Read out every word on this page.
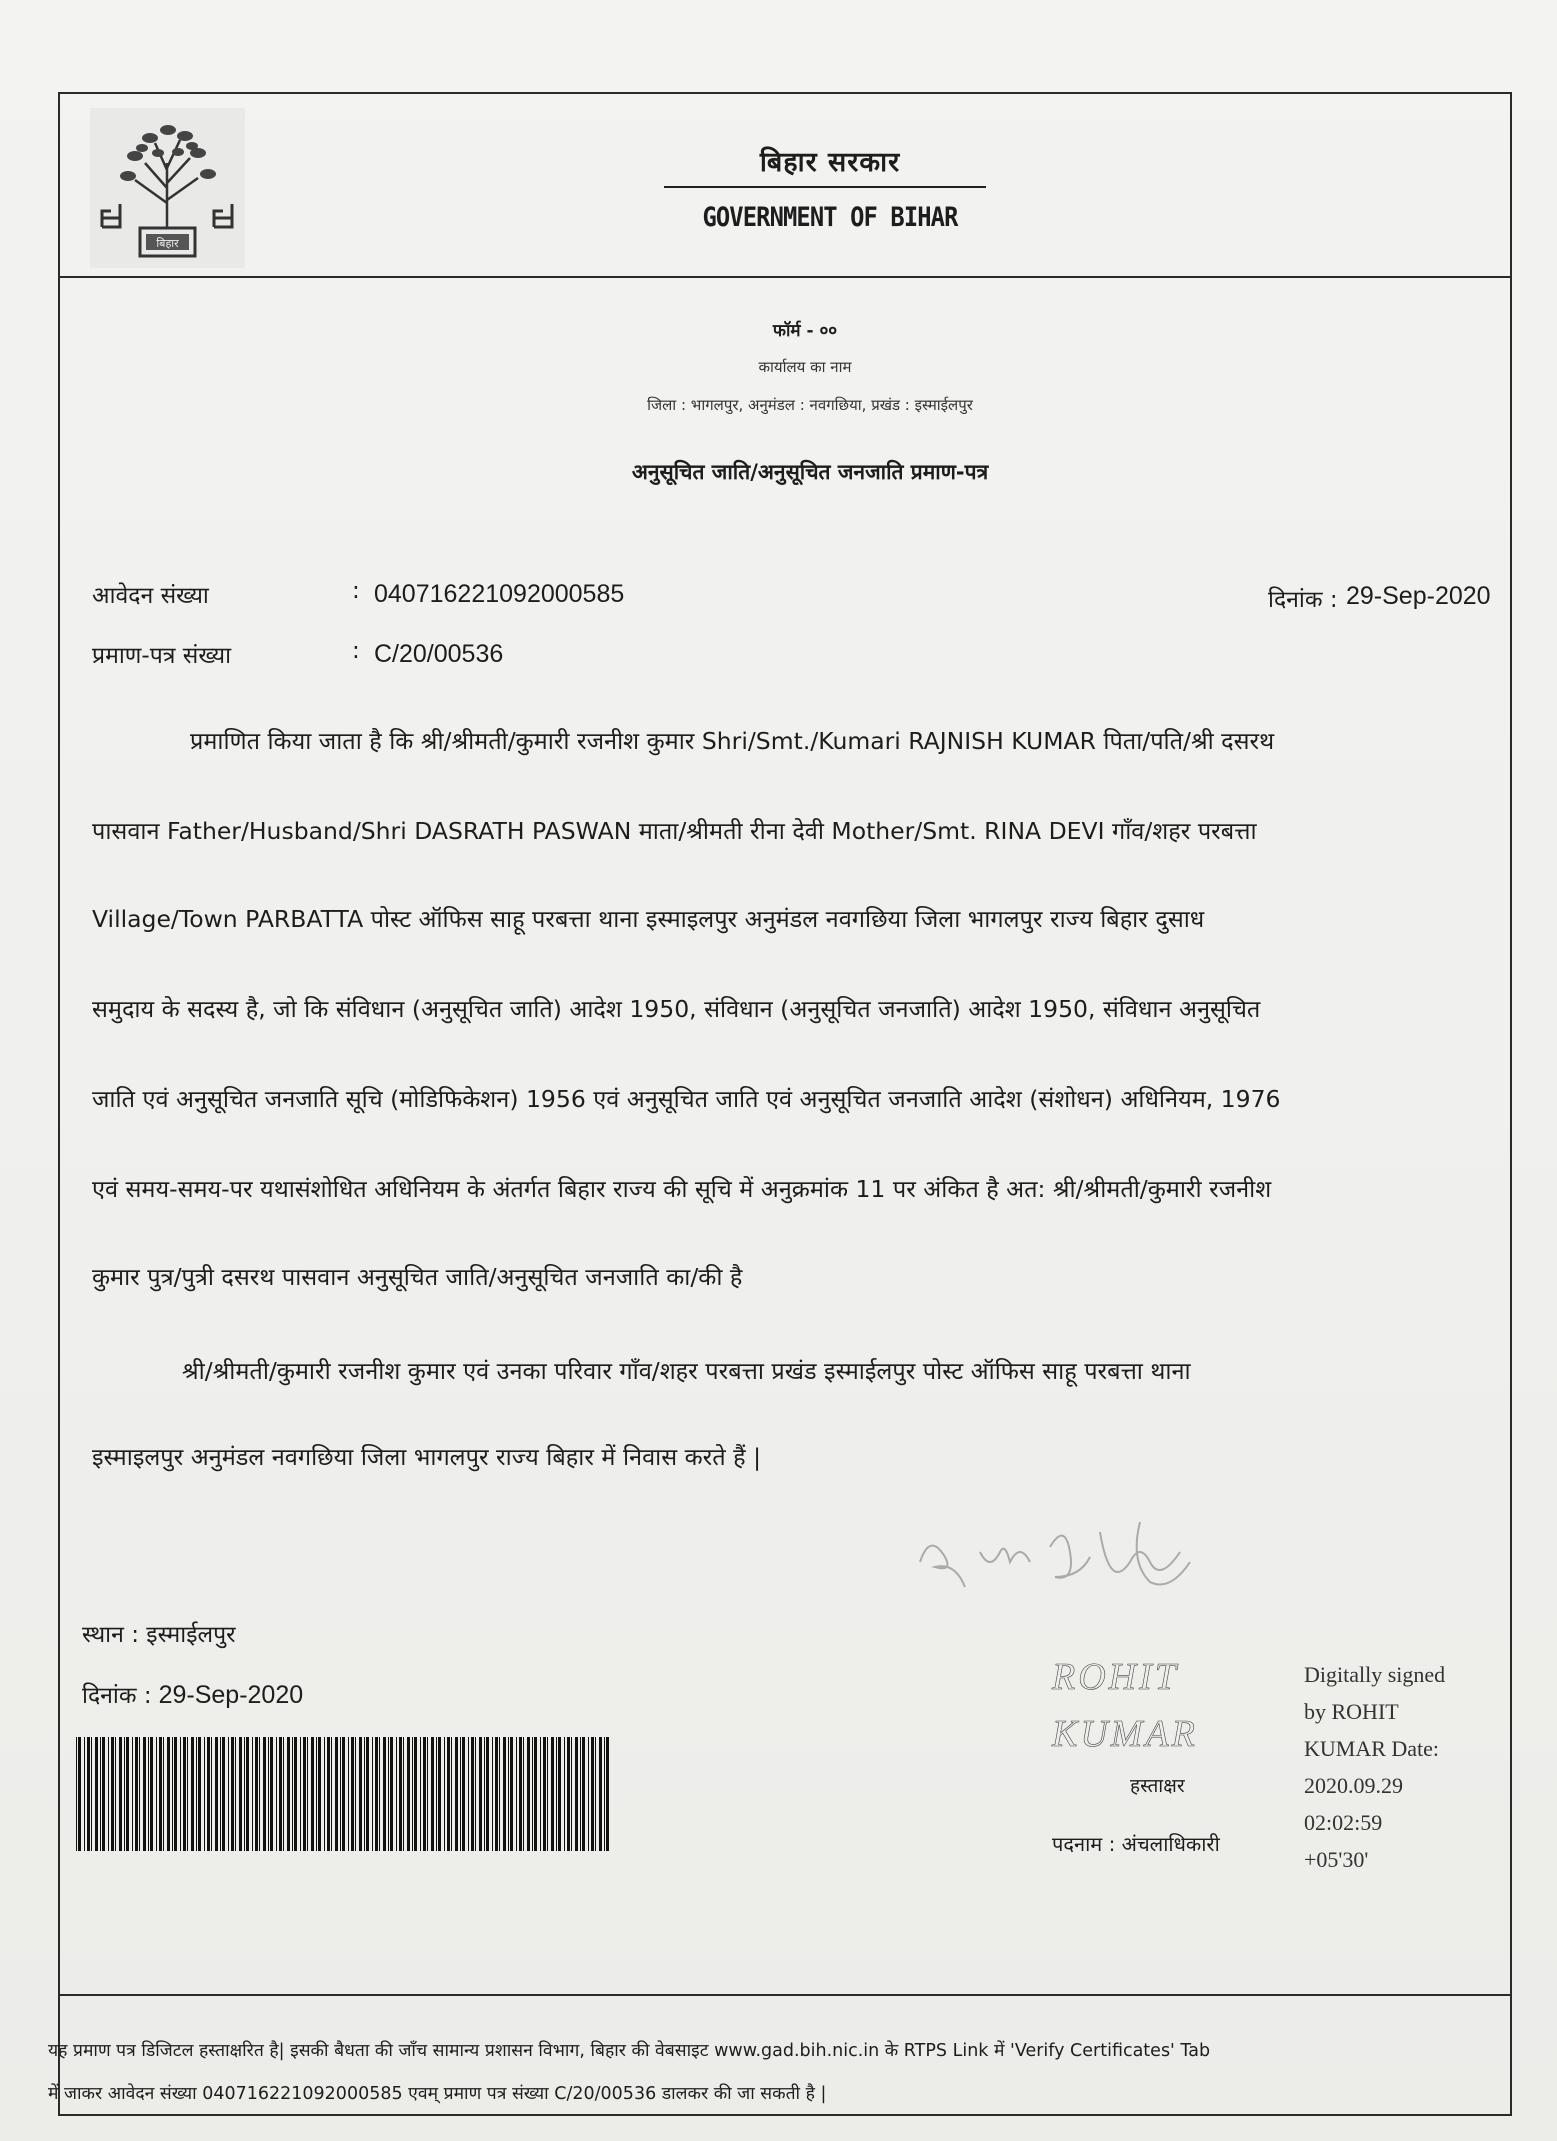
बिहार
बिहार सरकार
GOVERNMENT OF BIHAR
फॉर्म - ००
कार्यालय का नाम
जिला : भागलपुर, अनुमंडल : नवगछिया, प्रखंड : इस्माईलपुर
अनुसूचित जाति/अनुसूचित जनजाति प्रमाण-पत्र
आवेदन संख्या	: 040716221092000585
प्रमाण-पत्र संख्या	: C/20/00536
दिनांक : 29-Sep-2020
प्रमाणित किया जाता है कि श्री/श्रीमती/कुमारी रजनीश कुमार Shri/Smt./Kumari RAJNISH KUMAR पिता/पति/श्री दसरथ
पासवान Father/Husband/Shri DASRATH PASWAN माता/श्रीमती रीना देवी Mother/Smt. RINA DEVI गॉंव/शहर परबत्ता
Village/Town PARBATTA पोस्ट ऑफिस साहू परबत्ता थाना इस्माइलपुर अनुमंडल नवगछिया जिला भागलपुर राज्य बिहार दुसाध
समुदाय के सदस्य है, जो कि संविधान (अनुसूचित जाति) आदेश 1950, संविधान (अनुसूचित जनजाति) आदेश 1950, संविधान अनुसूचित
जाति एवं अनुसूचित जनजाति सूचि (मोडिफिकेशन) 1956 एवं अनुसूचित जाति एवं अनुसूचित जनजाति आदेश (संशोधन) अधिनियम, 1976
एवं समय-समय-पर यथासंशोधित अधिनियम के अंतर्गत बिहार राज्य की सूचि में अनुक्रमांक 11 पर अंकित है अत: श्री/श्रीमती/कुमारी रजनीश
कुमार पुत्र/पुत्री दसरथ पासवान अनुसूचित जाति/अनुसूचित जनजाति का/की है
श्री/श्रीमती/कुमारी रजनीश कुमार एवं उनका परिवार गॉंव/शहर परबत्ता प्रखंड इस्माईलपुर पोस्ट ऑफिस साहू परबत्ता थाना
इस्माइलपुर अनुमंडल नवगछिया जिला भागलपुर राज्य बिहार में निवास करते हैं |
स्थान : इस्माईलपुर
दिनांक : 29-Sep-2020	ROHIT
KUMAR
हस्ताक्षर
पदनाम : अंचलाधिकारी
Digitally signed
by ROHIT
KUMAR Date:
2020.09.29
02:02:59
+05'30'
यह प्रमाण पत्र डिजिटल हस्ताक्षरित है| इसकी बैधता की जाँच सामान्य प्रशासन विभाग, बिहार की वेबसाइट www.gad.bih.nic.in के RTPS Link में 'Verify Certificates' Tab
में जाकर आवेदन संख्या 040716221092000585 एवम् प्रमाण पत्र संख्या C/20/00536 डालकर की जा सकती है |
